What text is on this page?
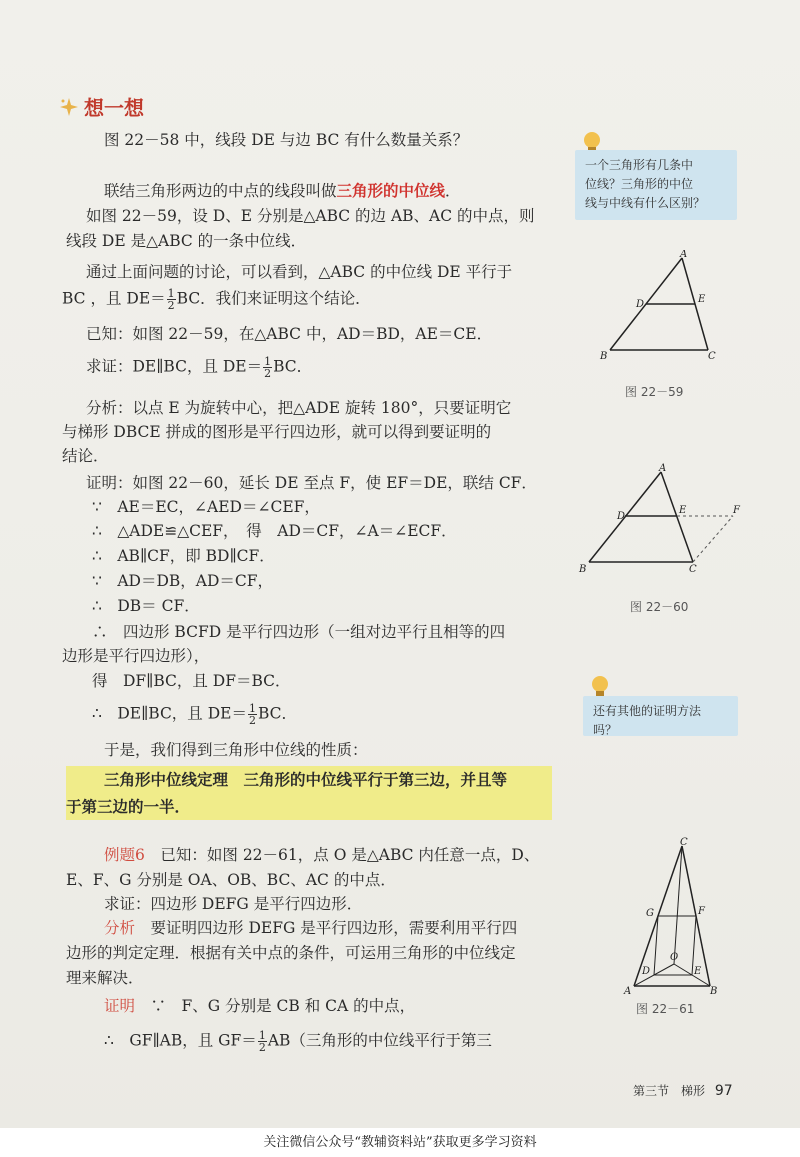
想一想
图 22－58 中，线段 DE 与边 BC 有什么数量关系？
联结三角形两边的中点的线段叫做三角形的中位线．
如图 22－59，设 D、E 分别是△ABC 的边 AB、AC 的中点，则
线段 DE 是△ABC 的一条中位线．
通过上面问题的讨论，可以看到，△ABC 的中位线 DE 平行于
BC ，且 $DE= \frac{1}{2}$ BC．我们来证明这个结论．
已知：如图 22－59，在△ABC 中，AD＝BD，AE＝CE．
求证：DE∥BC，且 $DE= \frac{1}{2}$ BC．
分析：以点 E 为旋转中心，把△ADE 旋转 180°，只要证明它
与梯形 DBCE 拼成的图形是平行四边形，就可以得到要证明的
结论．
证明：如图 22－60，延长 DE 至点 F，使 EF＝DE，联结 CF．
∵　AE＝EC，∠AED＝∠CEF，
∴　△ADE≌△CEF，　得　AD＝CF，∠A＝∠ECF．
∴　AB∥CF，即 BD∥CF．
∵　AD＝DB，AD＝CF，
∴　DB＝ CF．
∴　四边形 BCFD 是平行四边形（一组对边平行且相等的四
边形是平行四边形），
得　DF∥BC，且 DF＝BC．
∴　DE∥BC，且 $DE= \frac{1}{2}$ BC．
于是，我们得到三角形中位线的性质：
三角形中位线定理　三角形的中位线平行于第三边，并且等
于第三边的一半．
例题6　 已知：如图 22－61，点 O 是△ABC 内任意一点，D、
E、F、G 分别是 OA、OB、BC、AC 的中点．
求证：四边形 DEFG 是平行四边形．
分析　 要证明四边形 DEFG 是平行四边形，需要利用平行四
边形的判定定理．根据有关中点的条件，可运用三角形的中位线定
理来解决．
证明　 ∵　F、G 分别是 CB 和 CA 的中点，
∴　GF∥AB，且 $GF= \frac{1}{2} AB$（三角形的中位线平行于第三
一个三角形有几条中
位线？三角形的中位
线与中线有什么区别？
A
B	C
D	E
图 22－59
A
B	C
D
E	F
图 22－60
还有其他的证明方法
吗？
C
A	B
G	F
D	E
O
图 22－61
第三节　梯形 97
关注微信公众号“教辅资料站”获取更多学习资料
